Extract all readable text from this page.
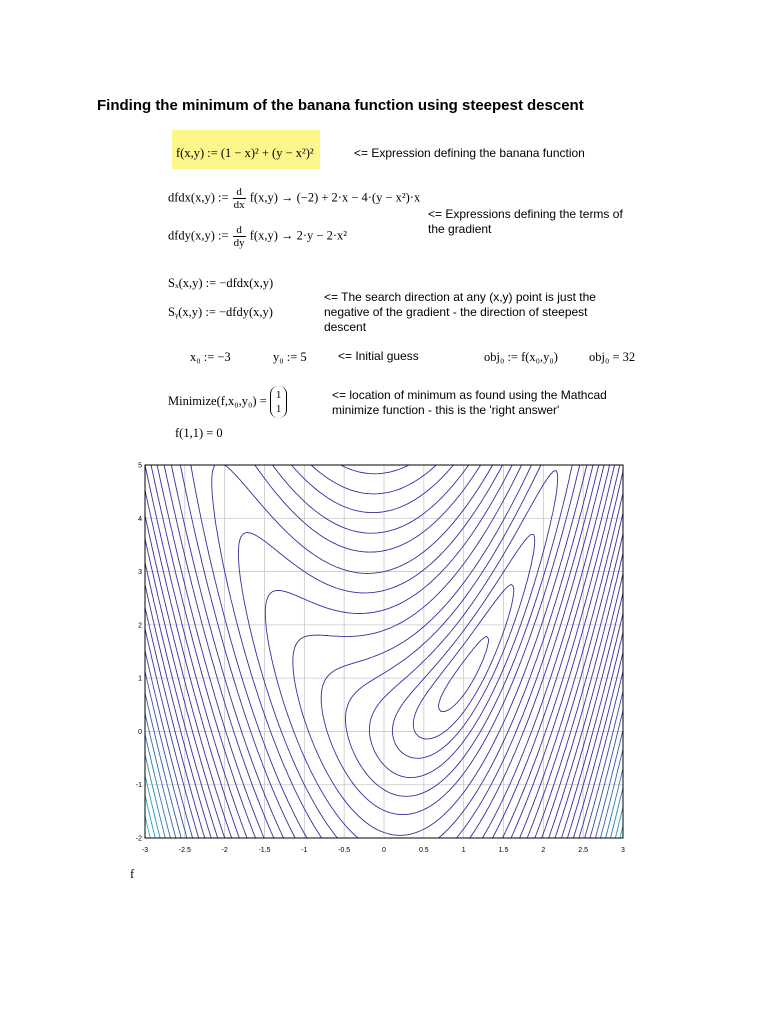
Finding the minimum of the banana function using steepest descent
f(x,y) := (1 − x)² + (y − x²)²	<= Expression defining the banana function
dfdx(x,y) := $\frac{d}{dx} f(x,y) \to (-2) + 2\cdot x - 4\cdot(y - x^2)\cdot x$
<= Expressions defining the terms of the gradient
dfdy(x,y) := $\frac{d}{dy} f(x,y) \to 2\cdot y - 2\cdot x^2$
Sₓ(x,y) := −dfdx(x,y)
Sᵧ(x,y) := −dfdy(x,y)
<= The search direction at any (x,y) point is just the negative of the gradient - the direction of steepest descent
x₀ := −3	y₀ := 5	<= Initial guess	obj₀ := f(x₀,y₀) obj₀ = 32
Minimize(f,x₀,y₀) = 1
1
<= location of minimum as found using the Mathcad minimize function - this is the 'right answer'
f(1,1) = 0
-3	-2.5	-2	-1.5	-1	-0.5	0	0.5	1	1.5	2	2.5	3
5
4
3
2
1
0
-1
-2
f
